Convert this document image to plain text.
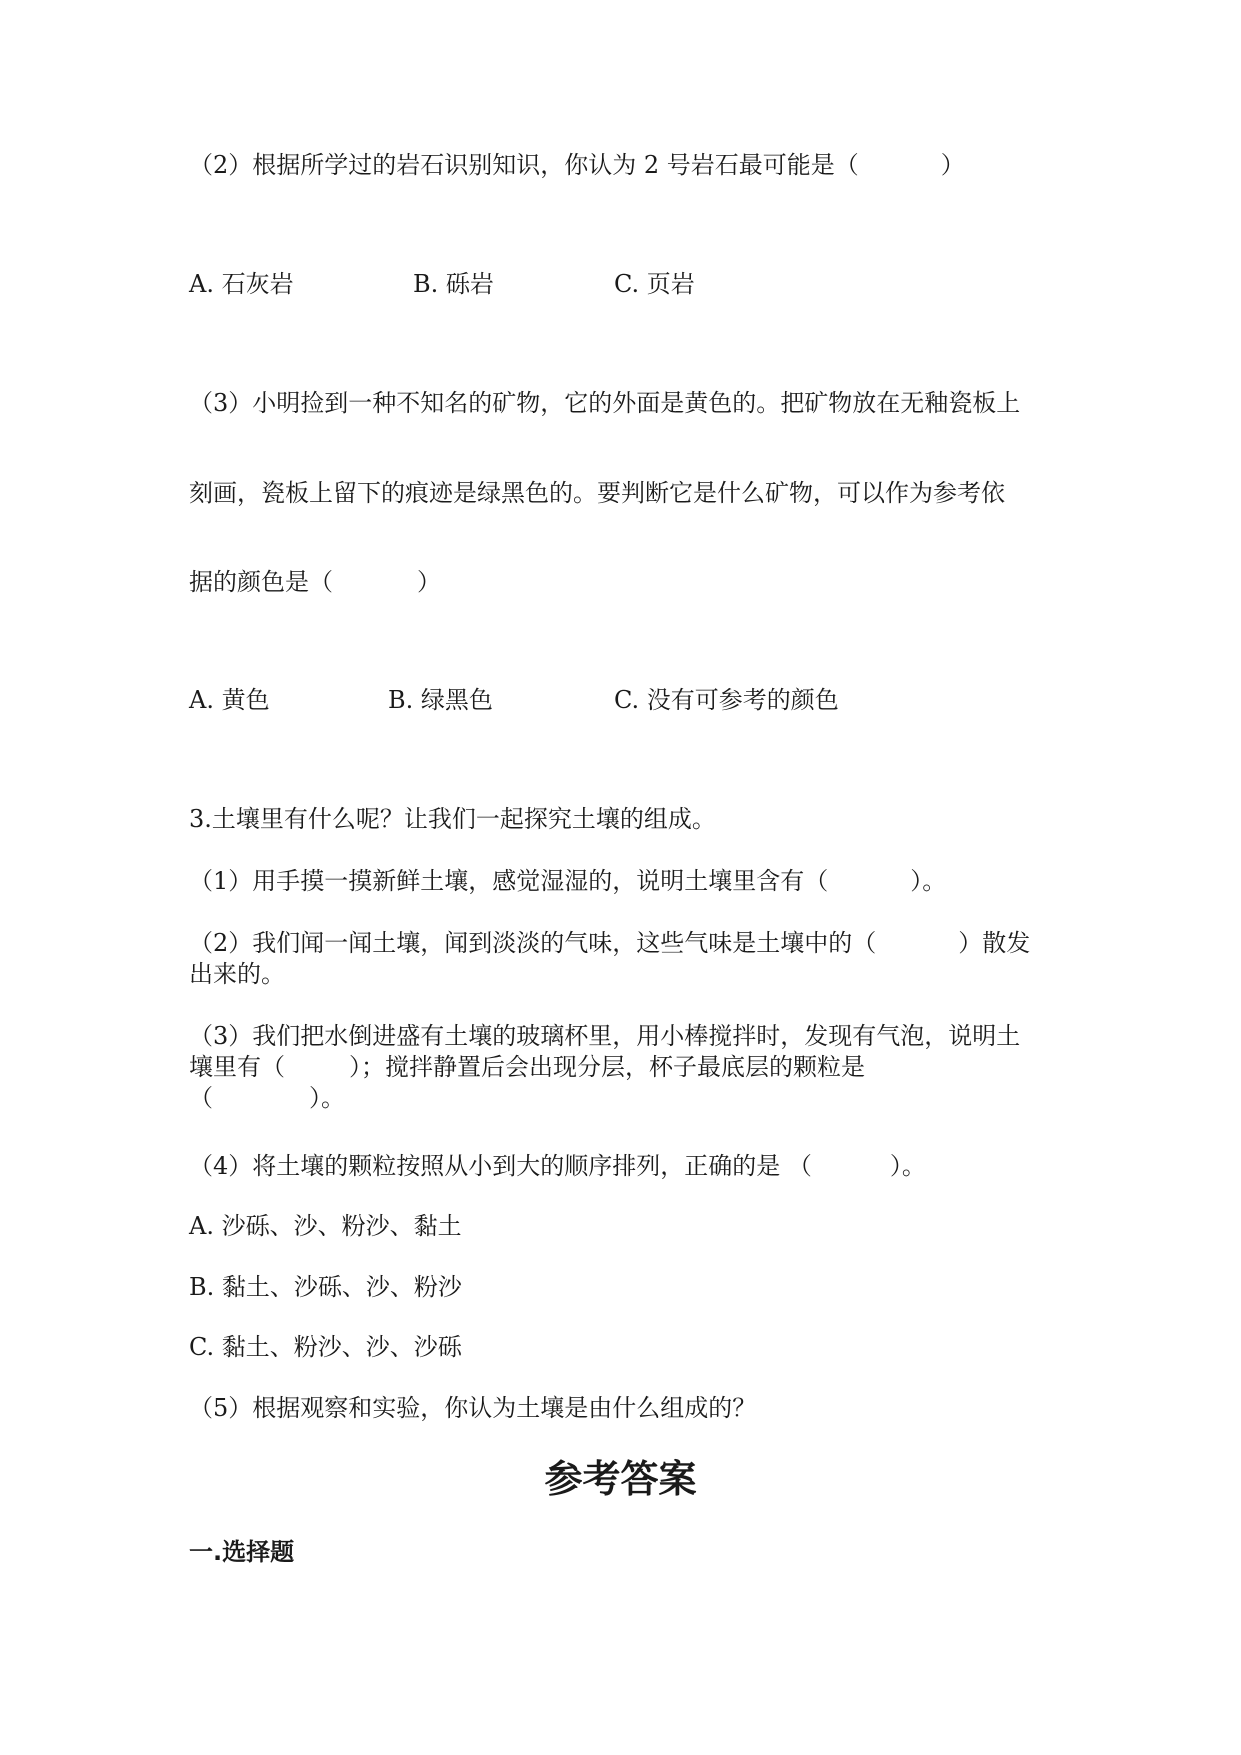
（2）根据所学过的岩石识别知识，你认为 2 号岩石最可能是（	）
A. 石灰岩	B. 砾岩	C. 页岩
（3）小明捡到一种不知名的矿物，它的外面是黄色的。把矿物放在无釉瓷板上
刻画，瓷板上留下的痕迹是绿黑色的。要判断它是什么矿物，可以作为参考依
据的颜色是（	）
A. 黄色	B. 绿黑色	C. 没有可参考的颜色
3.土壤里有什么呢？让我们一起探究土壤的组成。
（1）用手摸一摸新鲜土壤，感觉湿湿的，说明土壤里含有（	）。
（2）我们闻一闻土壤，闻到淡淡的气味，这些气味是土壤中的（	）散发
出来的。
（3）我们把水倒进盛有土壤的玻璃杯里，用小棒搅拌时，发现有气泡，说明土
壤里有（	）；搅拌静置后会出现分层，杯子最底层的颗粒是
（	）。
（4）将土壤的颗粒按照从小到大的顺序排列，正确的是 （	）。
A. 沙砾、沙、粉沙、黏土
B. 黏土、沙砾、沙、粉沙
C. 黏土、粉沙、沙、沙砾
（5）根据观察和实验，你认为土壤是由什么组成的？
参考答案
一.选择题
